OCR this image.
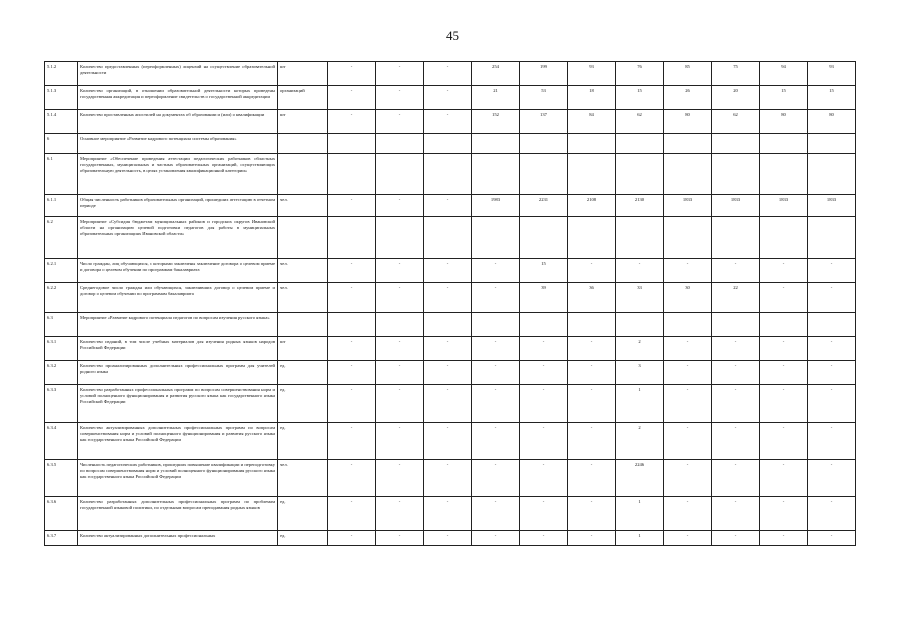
45
5.1.2	Количество предоставленных (переоформленных) лицензий на осуществление образовательной деятельности	шт	-	-	-	254	199	93	76	85	75	94	93
5.1.3	Количество организаций, в отношении образовательной деятельности которых проведены государственная аккредитация и переоформление свидетельств о государственной аккредитации	организаций	-	-	-	21	53	18	15	26	20	15	15
5.1.4	Количество проставленных апостилей на документах об образовании и (или) о квалификации	шт	-	-	-	152	137	84	62	80	62	80	80
6	Основное мероприятие «Развитие кадрового потенциала системы образования»												
6.1	Мероприятие «Обеспечение проведения аттестации педагогических работников областных государственных, муниципальных и частных образовательных организаций, осуществляющих образовательную деятельность, в целях установления квалификационной категории»												
6.1.1	Общая численность работников образовательных организаций, прошедших аттестацию в отчетном периоде	чел.	-	-	-	1983	2231	2108	2130	1833	1833	1833	1833
6.2	Мероприятие «Субсидия бюджетам муниципальных районов и городских округов Ивановской области на организацию целевой подготовки педагогов для работы в муниципальных образовательных организациях Ивановской области»												
6.2.1	Число граждан, лиц обучающихся, с которыми заключены заключение договора о целевом приеме и договора о целевом обучении по программам бакалавриата	чел.	-	-	-	-	15	-	-	-	-	-	-
6.2.2	Среднегодовое число граждан или обучающихся, заключивших договор о целевом приеме и договор о целевом обучении по программам бакалавриата	чел.	-	-	-	-	39	36	33	30	22	-	-
6.3	Мероприятие «Развитие кадрового потенциала педагогов по вопросам изучения русского языка»												
6.3.1	Количество изданий, в том числе учебных материалов для изучения родных языков народов Российской Федерации	шт	-	-	-	-	-	-	2	-	-	-	-
6.3.2	Количество проанализированных дополнительных профессиональных программ для учителей родного языка	ед.	-	-	-	-	-	-	3	-	-	-	-
6.3.3	Количество разработанных профессиональных программ по вопросам совершенствования норм и условий полноценного функционирования и развития русского языка как государственного языка Российской Федерации	ед.	-	-	-	-	-	-	1	-	-	-	-
6.3.4	Количество актуализированных дополнительных профессиональных программ по вопросам совершенствования норм и условий полноценного функционирования и развития русского языка как государственного языка Российской Федерации	ед.	-	-	-	-	-	-	2	-	-	-	-
6.3.5	Численность педагогических работников, прошедших повышение квалификации и переподготовку по вопросам совершенствования норм и условий полноценного функционирования русского языка как государственного языка Российской Федерации	чел.	-	-	-	-	-	-	2246	-	-	-	-
6.3.6	Количество разработанных дополнительных профессиональных программ по проблемам государственной языковой политики, по отдельным вопросам преподавания родных языков	ед.	-	-	-	-	-	-	1	-	-	-	-
6.3.7	Количество актуализированных дополнительных профессиональных	ед.	-	-	-	-	-	-	1	-	-	-	-
